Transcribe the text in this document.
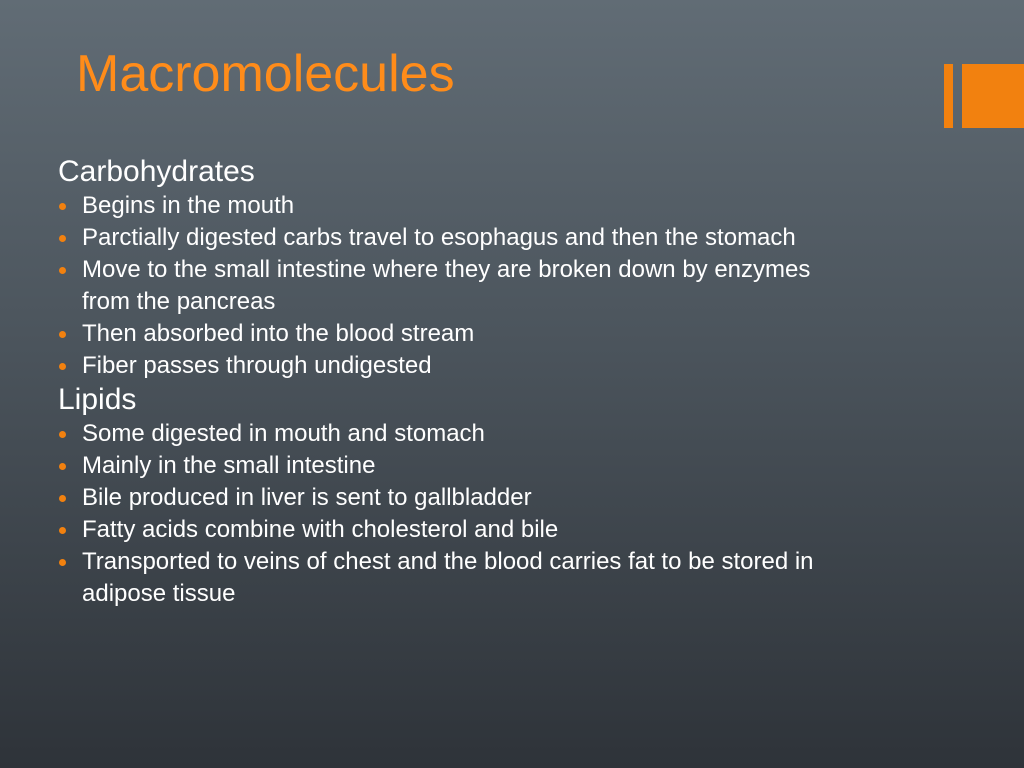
Macromolecules
Carbohydrates
Begins in the mouth
Parctially digested carbs travel to esophagus and then the stomach
Move to the small intestine where they are broken down by enzymes from the pancreas
Then absorbed into the blood stream
Fiber passes through undigested
Lipids
Some digested in mouth and stomach
Mainly in the small intestine
Bile produced in liver is sent to gallbladder
Fatty acids combine with cholesterol and bile
Transported to veins of chest and the blood carries fat to be stored in adipose tissue
